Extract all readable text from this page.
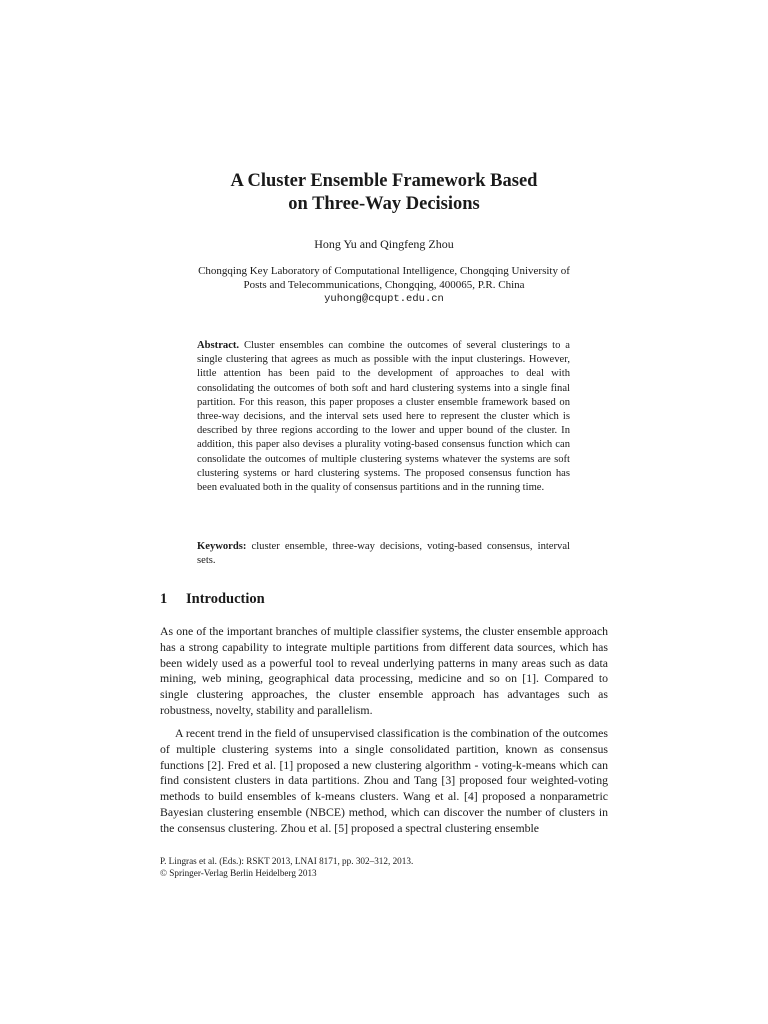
A Cluster Ensemble Framework Based
on Three-Way Decisions
Hong Yu and Qingfeng Zhou
Chongqing Key Laboratory of Computational Intelligence, Chongqing University of
Posts and Telecommunications, Chongqing, 400065, P.R. China
yuhong@cqupt.edu.cn

Abstract. Cluster ensembles can combine the outcomes of several clusterings to a single clustering that agrees as much as possible with the input clusterings. However, little attention has been paid to the development of approaches to deal with consolidating the outcomes of both soft and hard clustering systems into a single final partition. For this reason, this paper proposes a cluster ensemble framework based on three-way decisions, and the interval sets used here to represent the cluster which is described by three regions according to the lower and upper bound of the cluster. In addition, this paper also devises a plurality voting-based consensus function which can consolidate the outcomes of multiple clustering systems whatever the systems are soft clustering systems or hard clustering systems. The proposed consensus function has been evaluated both in the quality of consensus partitions and in the running time.

Keywords: cluster ensemble, three-way decisions, voting-based consensus, interval sets.

1 Introduction

As one of the important branches of multiple classifier systems, the cluster ensemble approach has a strong capability to integrate multiple partitions from different data sources, which has been widely used as a powerful tool to reveal underlying patterns in many areas such as data mining, web mining, geographical data processing, medicine and so on [1]. Compared to single clustering approaches, the cluster ensemble approach has advantages such as robustness, novelty, stability and parallelism.

A recent trend in the field of unsupervised classification is the combination of the outcomes of multiple clustering systems into a single consolidated partition, known as consensus functions [2]. Fred et al. [1] proposed a new clustering algorithm - voting-k-means which can find consistent clusters in data partitions. Zhou and Tang [3] proposed four weighted-voting methods to build ensembles of k-means clusters. Wang et al. [4] proposed a nonparametric Bayesian clustering ensemble (NBCE) method, which can discover the number of clusters in the consensus clustering. Zhou et al. [5] proposed a spectral clustering ensemble

P. Lingras et al. (Eds.): RSKT 2013, LNAI 8171, pp. 302–312, 2013.
© Springer-Verlag Berlin Heidelberg 2013
